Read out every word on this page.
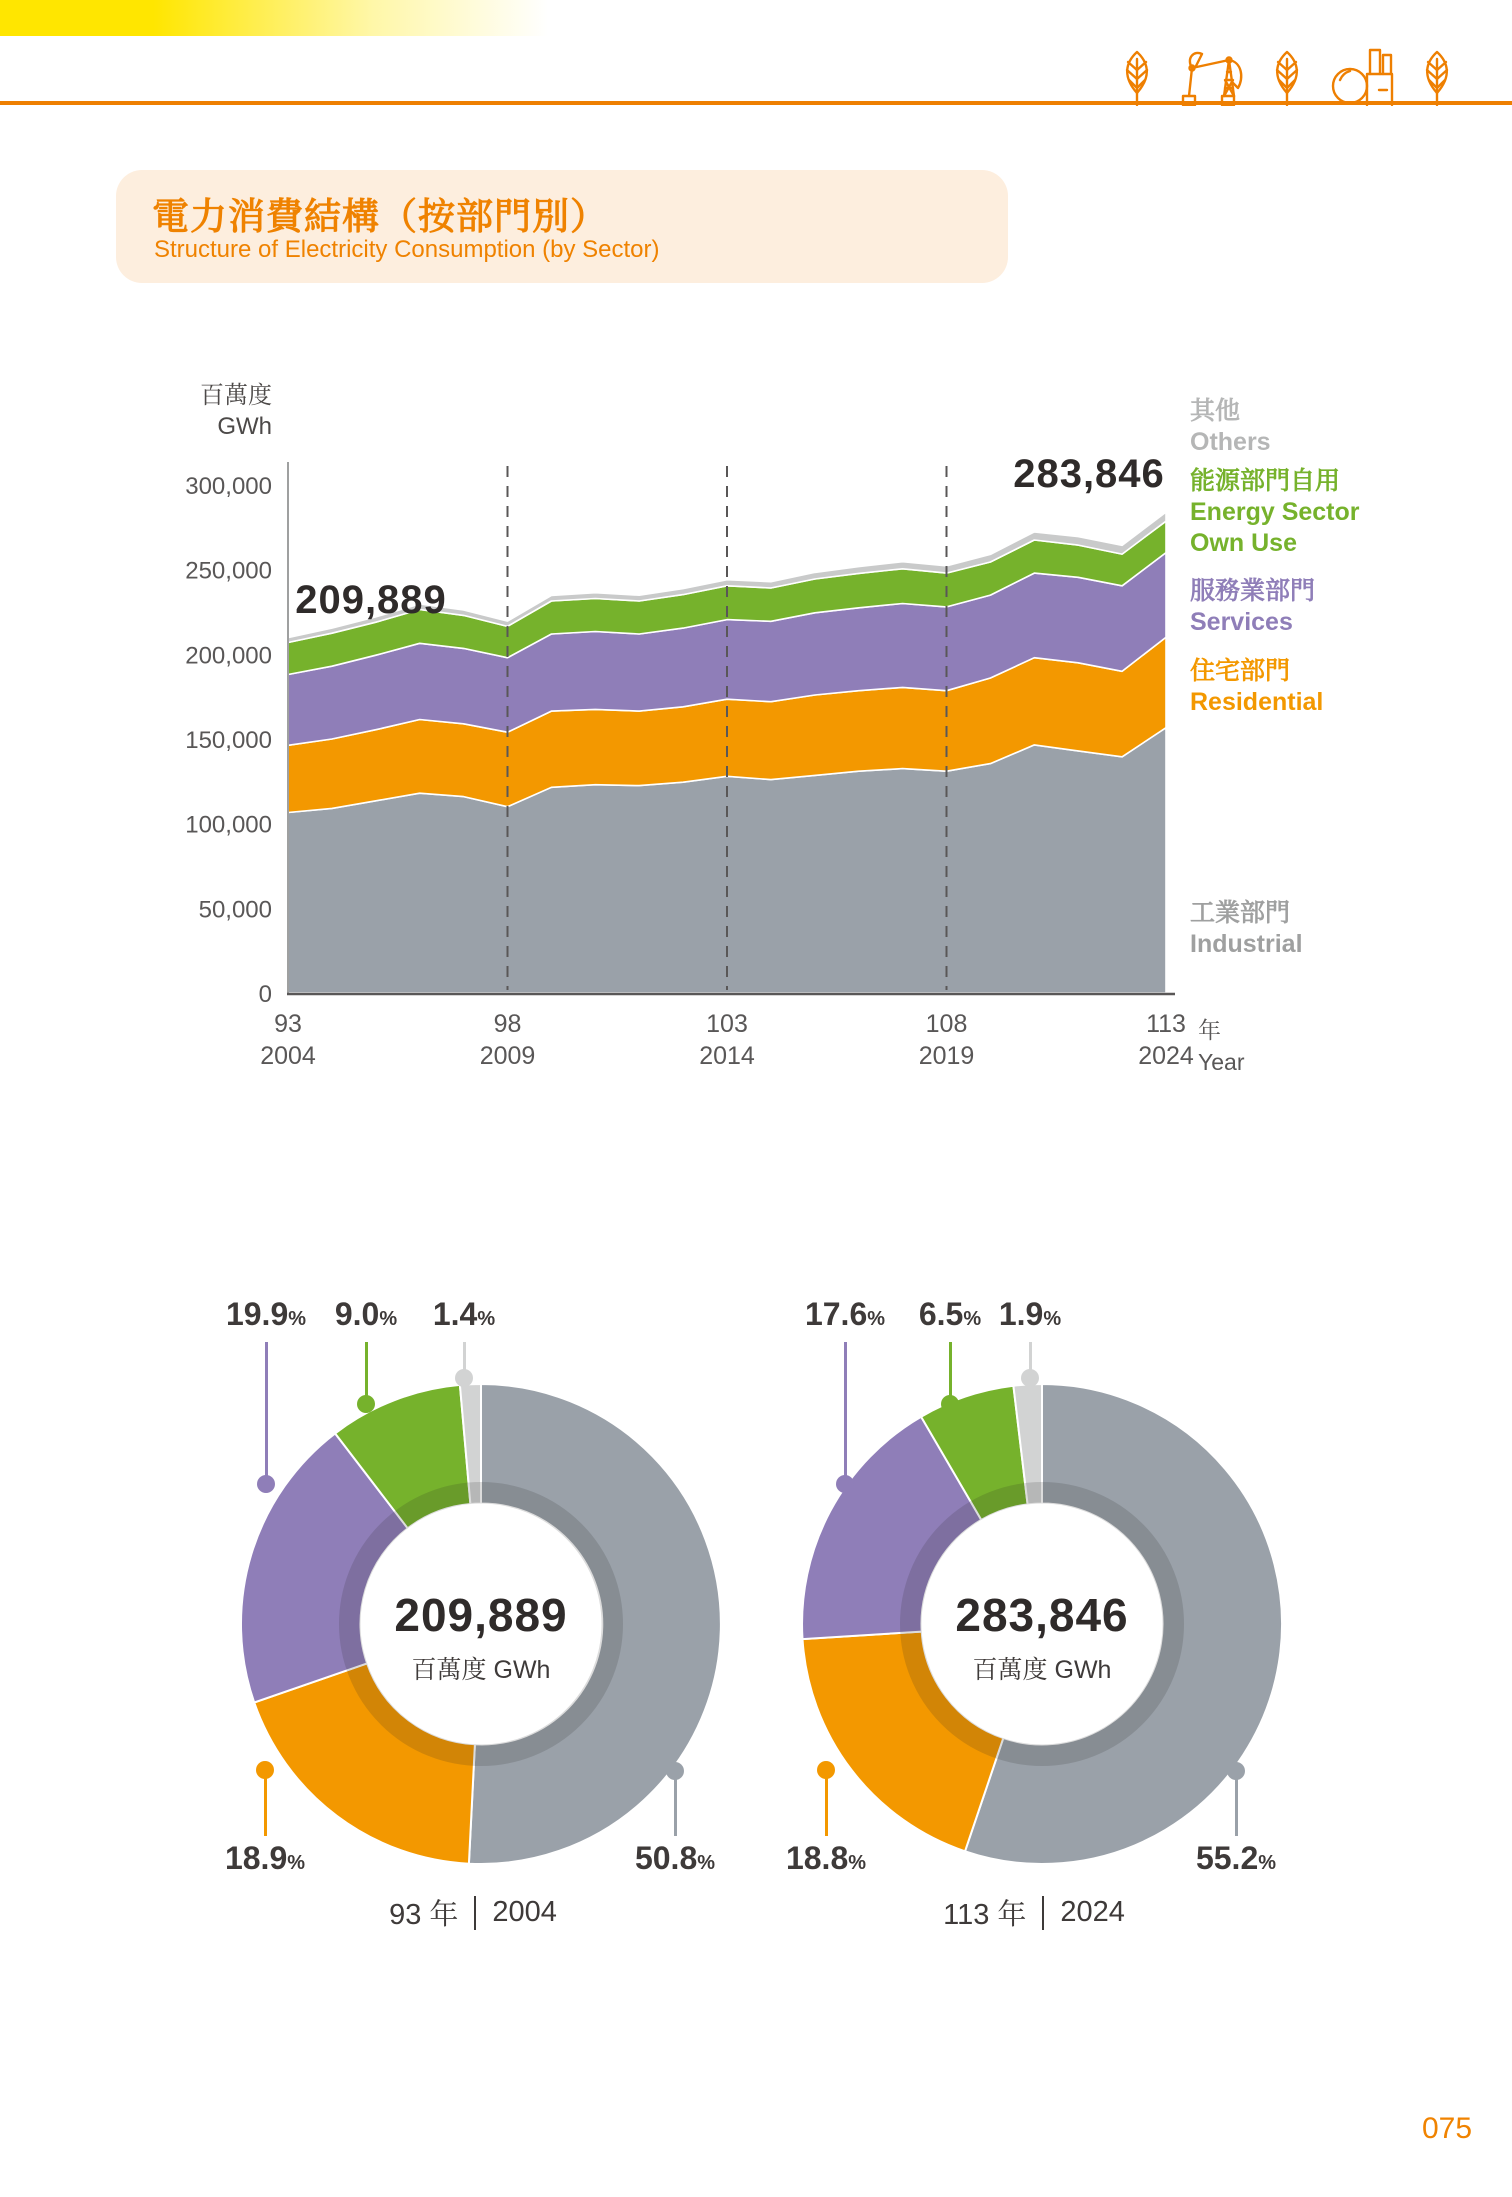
電力消費結構（按部門別）
Structure of Electricity Consumption (by Sector)
0
50,000
100,000
150,000
200,000
250,000
300,000
93
2004
98
2009
103
2014
108
2019
113
2024
百萬度
GWh
年
Year
209,889
283,846
其他
Others
能源部門自用
Energy Sector
Own Use
服務業部門
Services
住宅部門
Residential
工業部門
Industrial
209,889
百萬度 GWh
19.9% 9.0%	1.4%
18.9%	50.8%
93 年 2004
283,846
百萬度 GWh
17.6%	6.5% 1.9%
18.8%	55.2%
113 年 2024
075
